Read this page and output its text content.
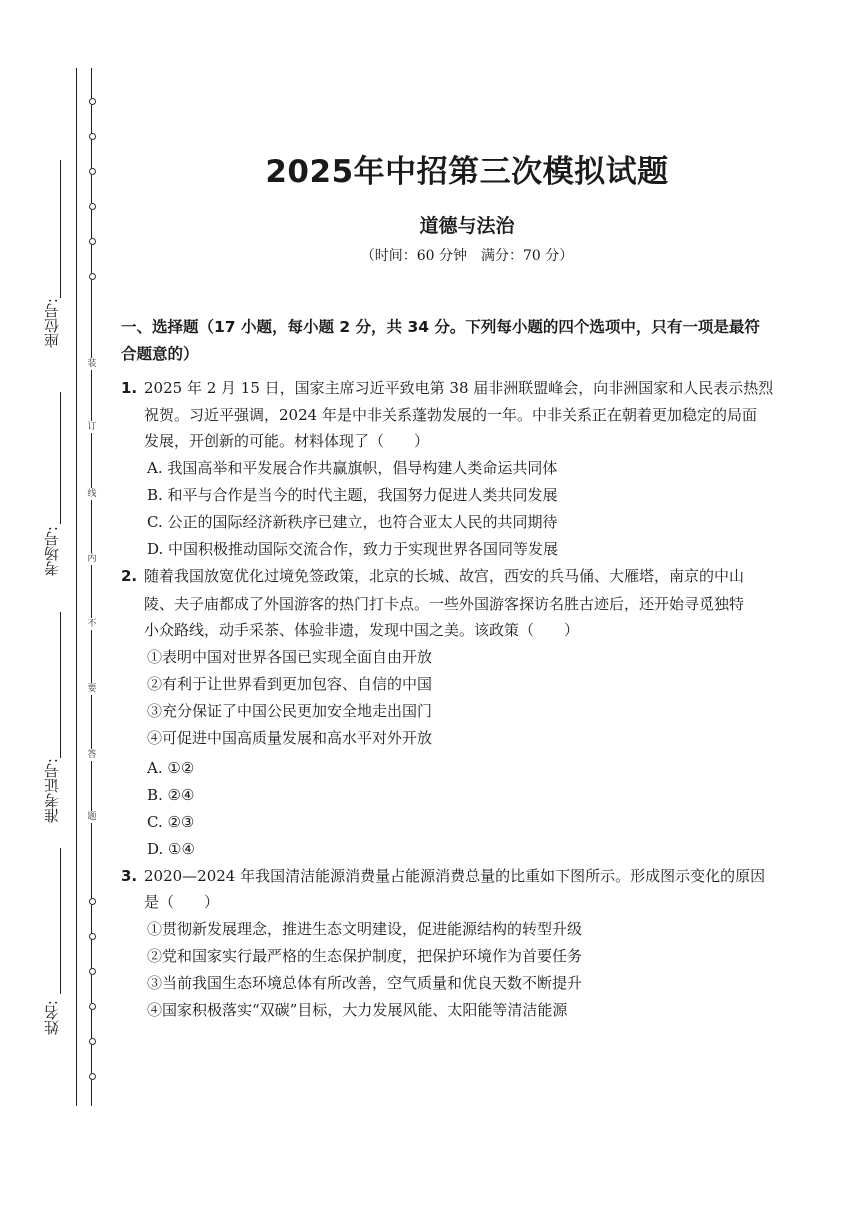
座位号:
考场号:
准考证号:
姓名:
装
订
线
内
不
要
答
题
2025年中招第三次模拟试题
道德与法治
（时间：60 分钟　满分：70 分）
一、选择题（17 小题，每小题 2 分，共 34 分。下列每小题的四个选项中，只有一项是最符
合题意的）
1. 2025 年 2 月 15 日，国家主席习近平致电第 38 届非洲联盟峰会，向非洲国家和人民表示热烈
祝贺。习近平强调，2024 年是中非关系蓬勃发展的一年。中非关系正在朝着更加稳定的局面
发展，开创新的可能。材料体现了（　　）
A. 我国高举和平发展合作共赢旗帜，倡导构建人类命运共同体
B. 和平与合作是当今的时代主题，我国努力促进人类共同发展
C. 公正的国际经济新秩序已建立，也符合亚太人民的共同期待
D. 中国积极推动国际交流合作，致力于实现世界各国同等发展
2. 随着我国放宽优化过境免签政策，北京的长城、故宫，西安的兵马俑、大雁塔，南京的中山
陵、夫子庙都成了外国游客的热门打卡点。一些外国游客探访名胜古迹后，还开始寻觅独特
小众路线，动手采茶、体验非遗，发现中国之美。该政策（　　）
①表明中国对世界各国已实现全面自由开放
②有利于让世界看到更加包容、自信的中国
③充分保证了中国公民更加安全地走出国门
④可促进中国高质量发展和高水平对外开放
A. ①②
B. ②④
C. ②③
D. ①④
3. 2020—2024 年我国清洁能源消费量占能源消费总量的比重如下图所示。形成图示变化的原因
是（　　）
①贯彻新发展理念，推进生态文明建设，促进能源结构的转型升级
②党和国家实行最严格的生态保护制度，把保护环境作为首要任务
③当前我国生态环境总体有所改善，空气质量和优良天数不断提升
④国家积极落实“双碳”目标，大力发展风能、太阳能等清洁能源
